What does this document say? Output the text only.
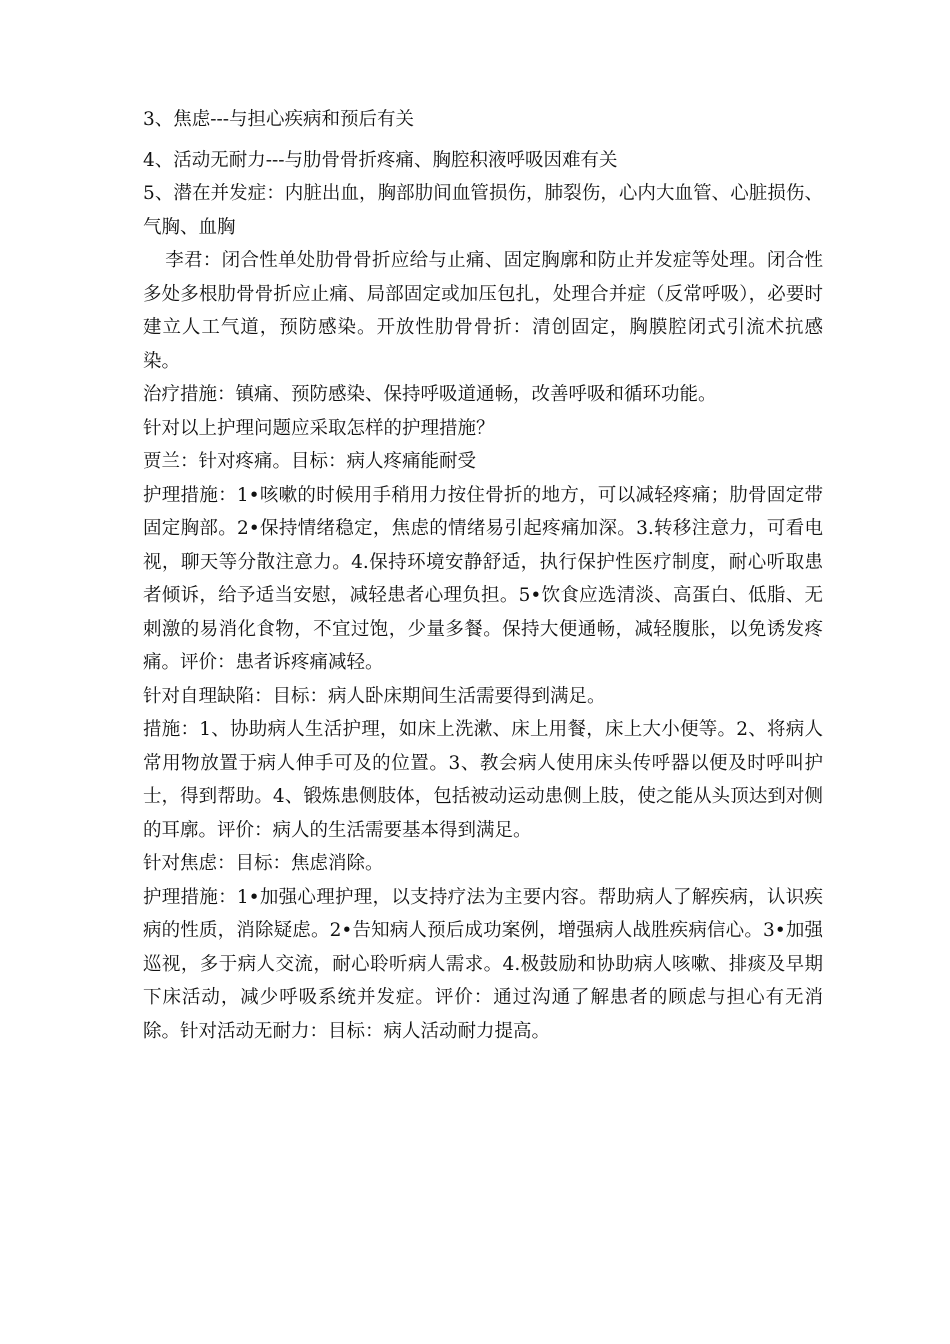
3、焦虑---与担心疾病和预后有关

4、活动无耐力---与肋骨骨折疼痛、胸腔积液呼吸因难有关

5、潜在并发症：内脏出血，胸部肋间血管损伤，肺裂伤，心内大血管、心脏损伤、气胸、血胸

李君：闭合性单处肋骨骨折应给与止痛、固定胸廓和防止并发症等处理。闭合性多处多根肋骨骨折应止痛、局部固定或加压包扎，处理合并症（反常呼吸），必要时建立人工气道，预防感染。开放性肋骨骨折：清创固定，胸膜腔闭式引流术抗感染。

治疗措施：镇痛、预防感染、保持呼吸道通畅，改善呼吸和循环功能。

针对以上护理问题应采取怎样的护理措施？

贾兰：针对疼痛。目标：病人疼痛能耐受

护理措施：1•咳嗽的时候用手稍用力按住骨折的地方，可以减轻疼痛；肋骨固定带固定胸部。2•保持情绪稳定，焦虑的情绪易引起疼痛加深。3.转移注意力，可看电视，聊天等分散注意力。4.保持环境安静舒适，执行保护性医疗制度，耐心听取患者倾诉，给予适当安慰，减轻患者心理负担。5•饮食应选清淡、高蛋白、低脂、无刺激的易消化食物，不宜过饱，少量多餐。保持大便通畅，减轻腹胀，以免诱发疼痛。评价：患者诉疼痛减轻。

针对自理缺陷：目标：病人卧床期间生活需要得到满足。

措施：1、协助病人生活护理，如床上洗漱、床上用餐，床上大小便等。2、将病人常用物放置于病人伸手可及的位置。3、教会病人使用床头传呼器以便及时呼叫护士，得到帮助。4、锻炼患侧肢体，包括被动运动患侧上肢，使之能从头顶达到对侧的耳廓。评价：病人的生活需要基本得到满足。

针对焦虑：目标：焦虑消除。

护理措施：1•加强心理护理，以支持疗法为主要内容。帮助病人了解疾病，认识疾病的性质，消除疑虑。2•告知病人预后成功案例，增强病人战胜疾病信心。3•加强巡视，多于病人交流，耐心聆听病人需求。4.极鼓励和协助病人咳嗽、排痰及早期下床活动，减少呼吸系统并发症。评价：通过沟通了解患者的顾虑与担心有无消除。针对活动无耐力：目标：病人活动耐力提高。
